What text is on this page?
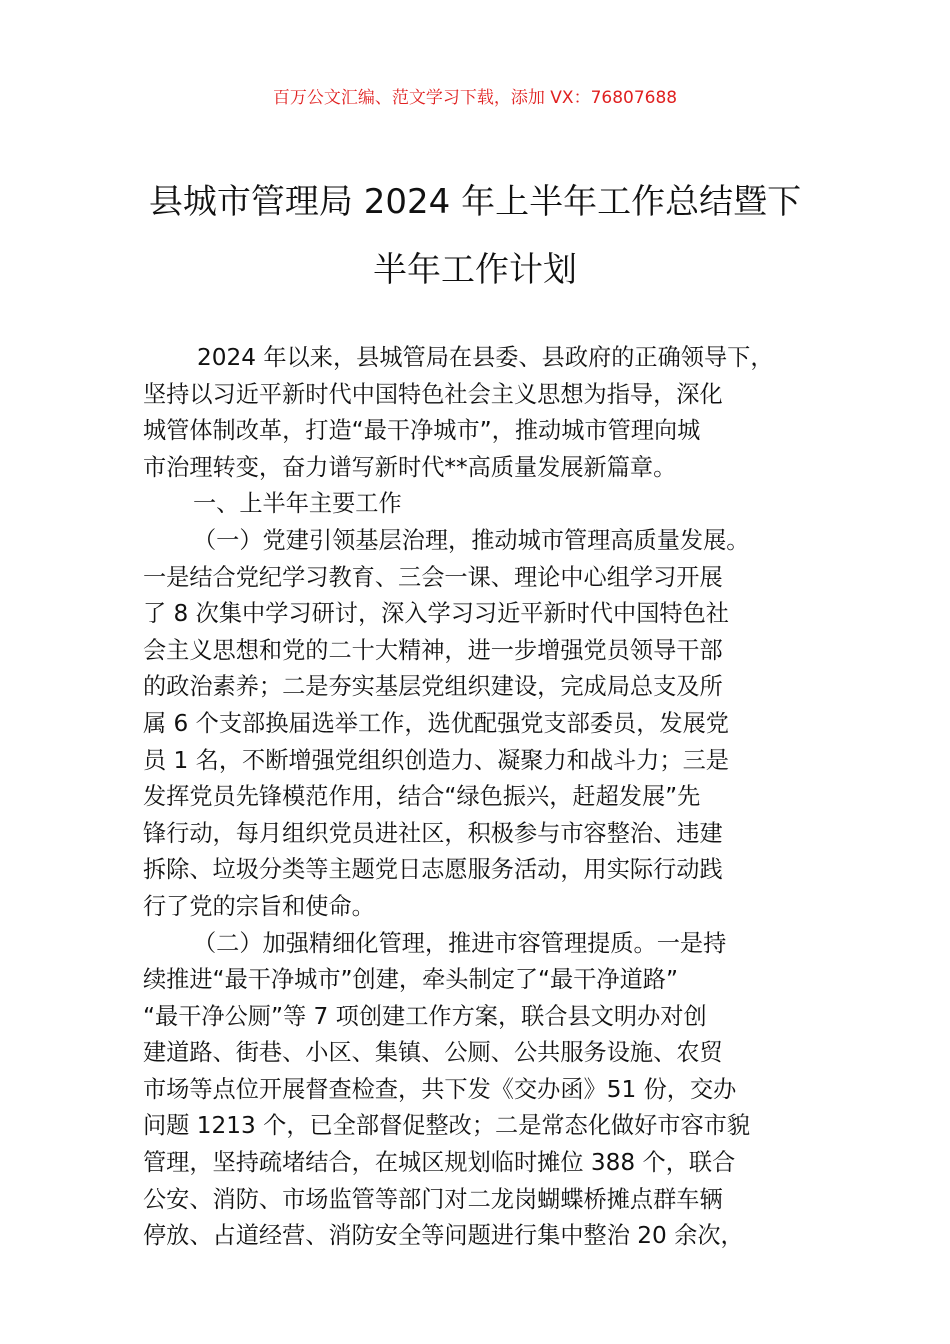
百万公文汇编、范文学习下载，添加 VX：76807688
县城市管理局 2024 年上半年工作总结暨下
半年工作计划
2024 年以来，县城管局在县委、县政府的正确领导下，
坚持以习近平新时代中国特色社会主义思想为指导，深化
城管体制改革，打造“最干净城市”，推动城市管理向城
市治理转变，奋力谱写新时代**高质量发展新篇章。
一、上半年主要工作
（一）党建引领基层治理，推动城市管理高质量发展。
一是结合党纪学习教育、三会一课、理论中心组学习开展
了 8 次集中学习研讨，深入学习习近平新时代中国特色社
会主义思想和党的二十大精神，进一步增强党员领导干部
的政治素养；二是夯实基层党组织建设，完成局总支及所
属 6 个支部换届选举工作，选优配强党支部委员，发展党
员 1 名，不断增强党组织创造力、凝聚力和战斗力；三是
发挥党员先锋模范作用，结合“绿色振兴，赶超发展”先
锋行动，每月组织党员进社区，积极参与市容整治、违建
拆除、垃圾分类等主题党日志愿服务活动，用实际行动践
行了党的宗旨和使命。
（二）加强精细化管理，推进市容管理提质。一是持
续推进“最干净城市”创建，牵头制定了“最干净道路”
“最干净公厕”等 7 项创建工作方案，联合县文明办对创
建道路、街巷、小区、集镇、公厕、公共服务设施、农贸
市场等点位开展督查检查，共下发《交办函》51 份，交办
问题 1213 个，已全部督促整改；二是常态化做好市容市貌
管理，坚持疏堵结合，在城区规划临时摊位 388 个，联合
公安、消防、市场监管等部门对二龙岗蝴蝶桥摊点群车辆
停放、占道经营、消防安全等问题进行集中整治 20 余次，
